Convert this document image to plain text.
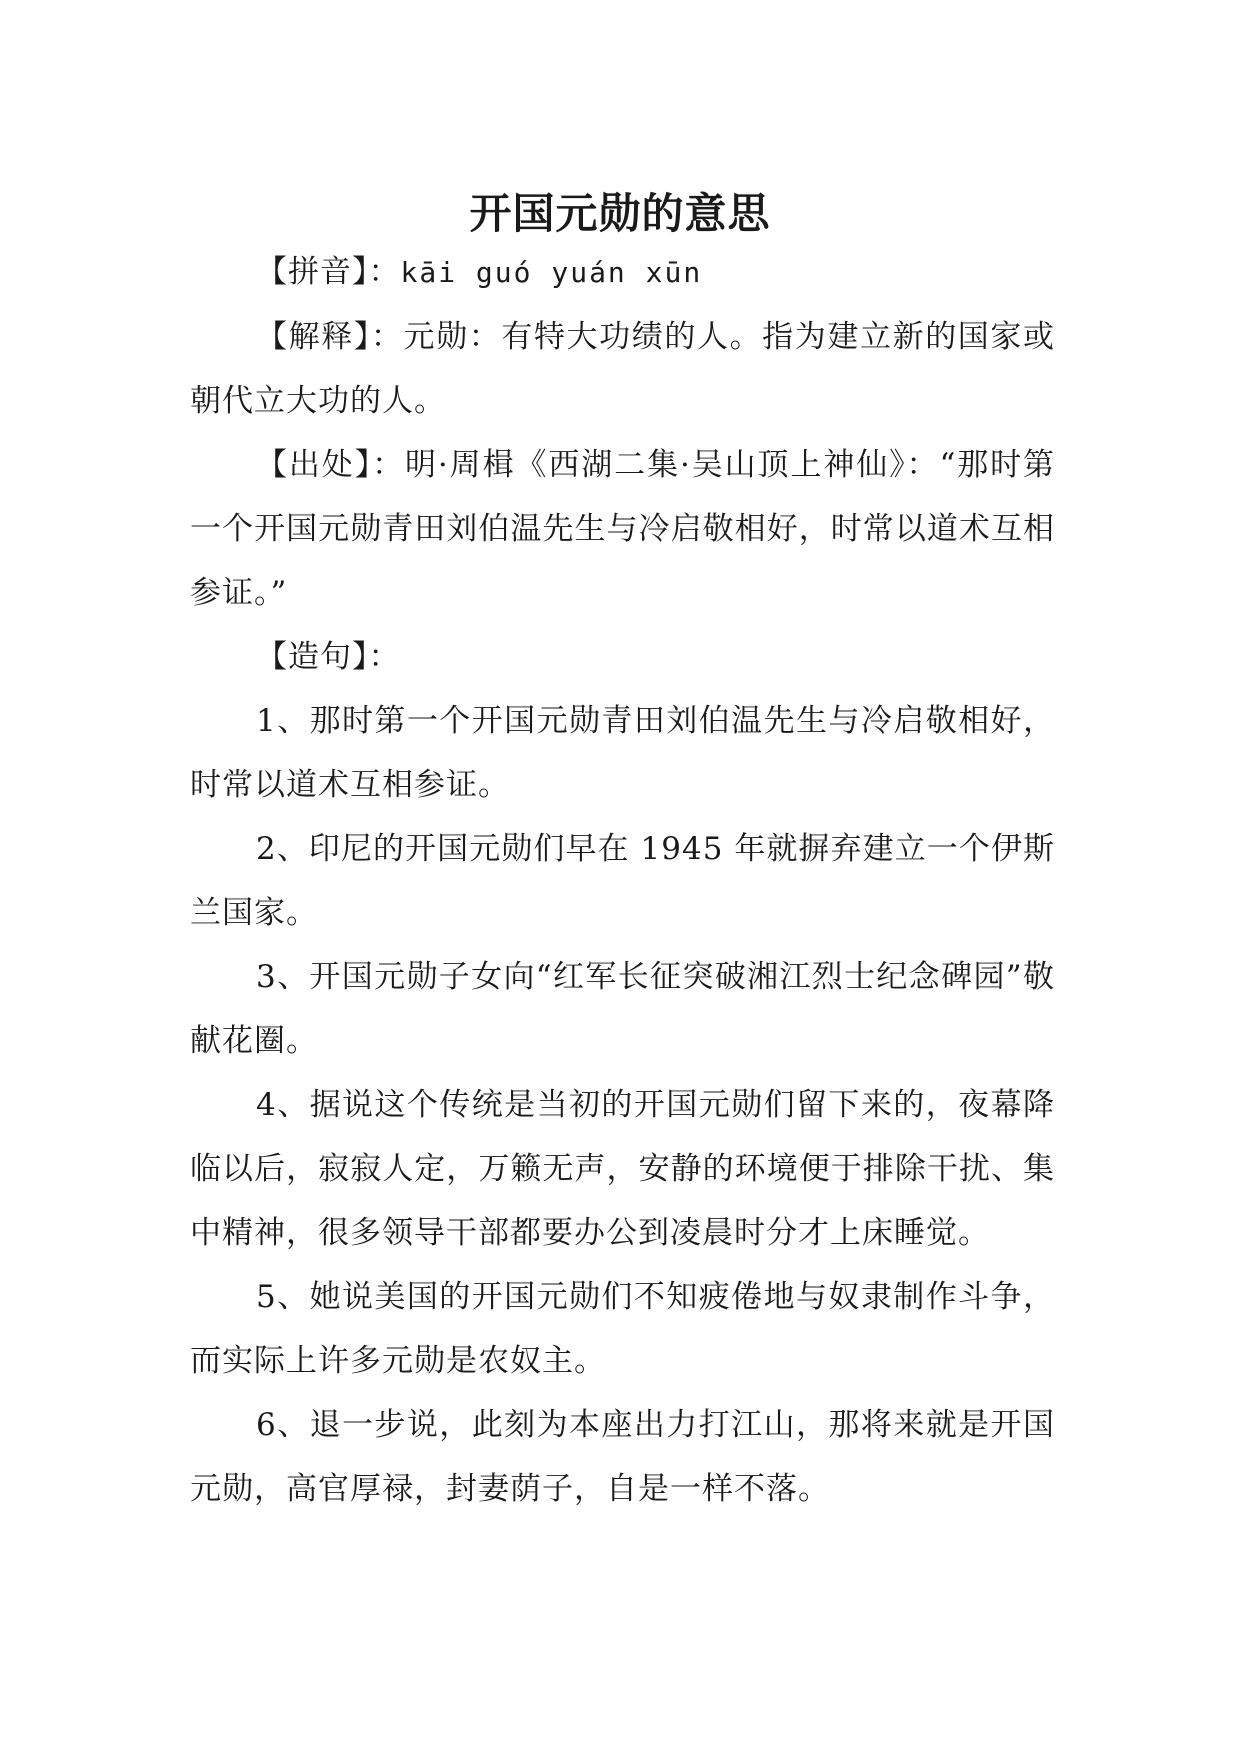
开国元勋的意思

【拼音】：kāi guó yuán xūn

【解释】：元勋：有特大功绩的人。指为建立新的国家或朝代立大功的人。

【出处】：明·周楫《西湖二集·吴山顶上神仙》：“那时第一个开国元勋青田刘伯温先生与冷启敬相好，时常以道术互相参证。”

【造句】：

1、那时第一个开国元勋青田刘伯温先生与冷启敬相好，时常以道术互相参证。

2、印尼的开国元勋们早在 1945 年就摒弃建立一个伊斯兰国家。

3、开国元勋子女向“红军长征突破湘江烈士纪念碑园”敬献花圈。

4、据说这个传统是当初的开国元勋们留下来的，夜幕降临以后，寂寂人定，万籁无声，安静的环境便于排除干扰、集中精神，很多领导干部都要办公到凌晨时分才上床睡觉。

5、她说美国的开国元勋们不知疲倦地与奴隶制作斗争，而实际上许多元勋是农奴主。

6、退一步说，此刻为本座出力打江山，那将来就是开国元勋，高官厚禄，封妻荫子，自是一样不落。
